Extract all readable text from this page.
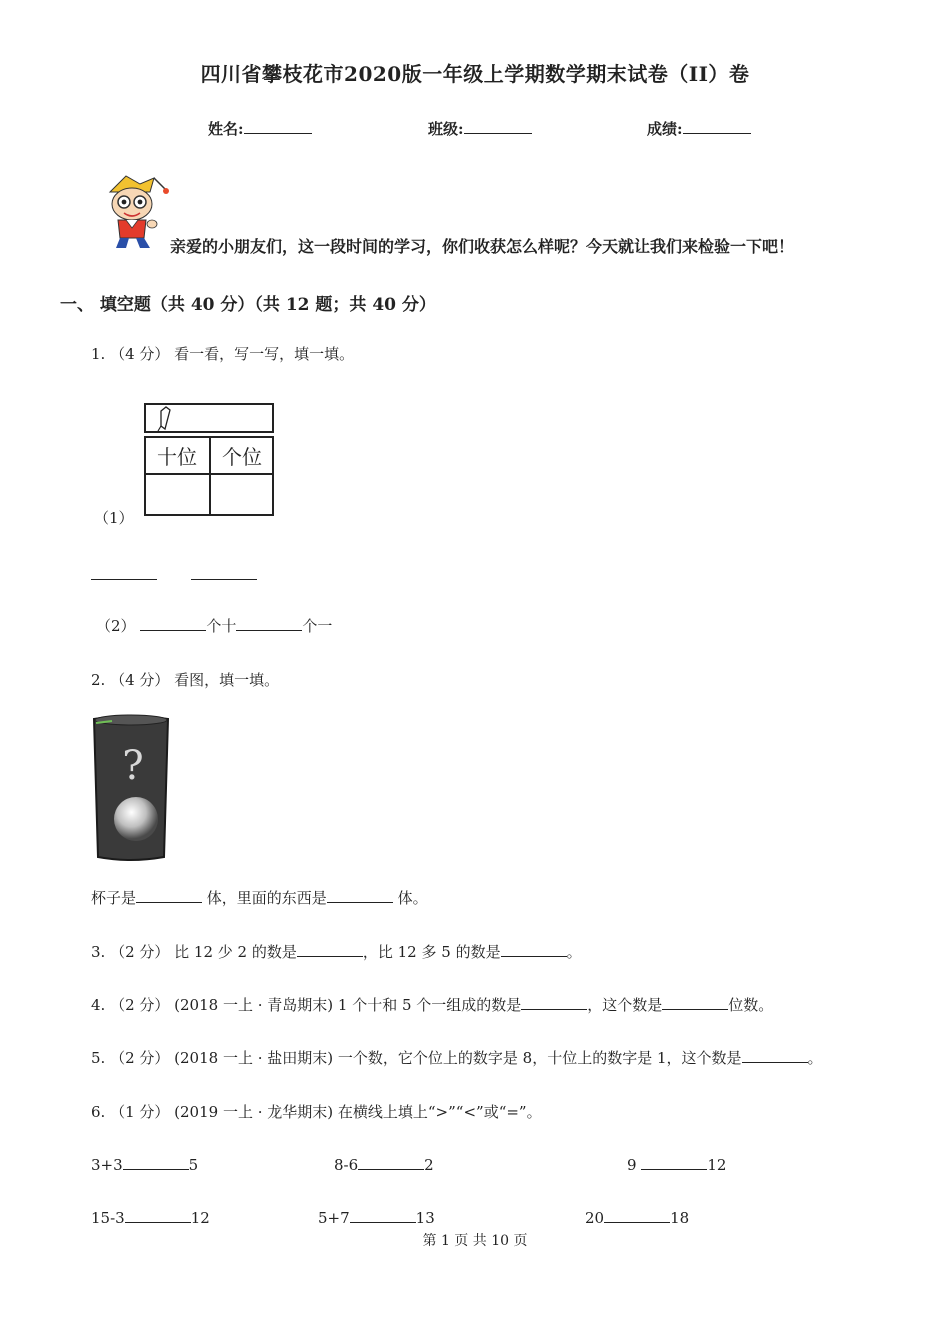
四川省攀枝花市2020版一年级上学期数学期末试卷（II）卷
姓名:	班级:	成绩:
亲爱的小朋友们，这一段时间的学习，你们收获怎么样呢？今天就让我们来检验一下吧！
一、 填空题（共 40 分）（共 12 题；共 40 分）
1. （4 分） 看一看，写一写，填一填。
十位 个位
（1）
（2）	个十	个一
2. （4 分） 看图，填一填。
?
杯子是	体，里面的东西是	体。
3. （2 分） 比 12 少 2 的数是	，比 12 多 5 的数是	。
4. （2 分） (2018 一上 · 青岛期末) 1 个十和 5 个一组成的数是	，这个数是	位数。
5. （2 分） (2018 一上 · 盐田期末) 一个数，它个位上的数字是 8，十位上的数字是 1，这个数是	。
6. （1 分） (2019 一上 · 龙华期末) 在横线上填上“>”“<”或“=”。
3+3	5	8-6	2	9	12
15-3	12	5+7	13	20	18
第 1 页 共 10 页
